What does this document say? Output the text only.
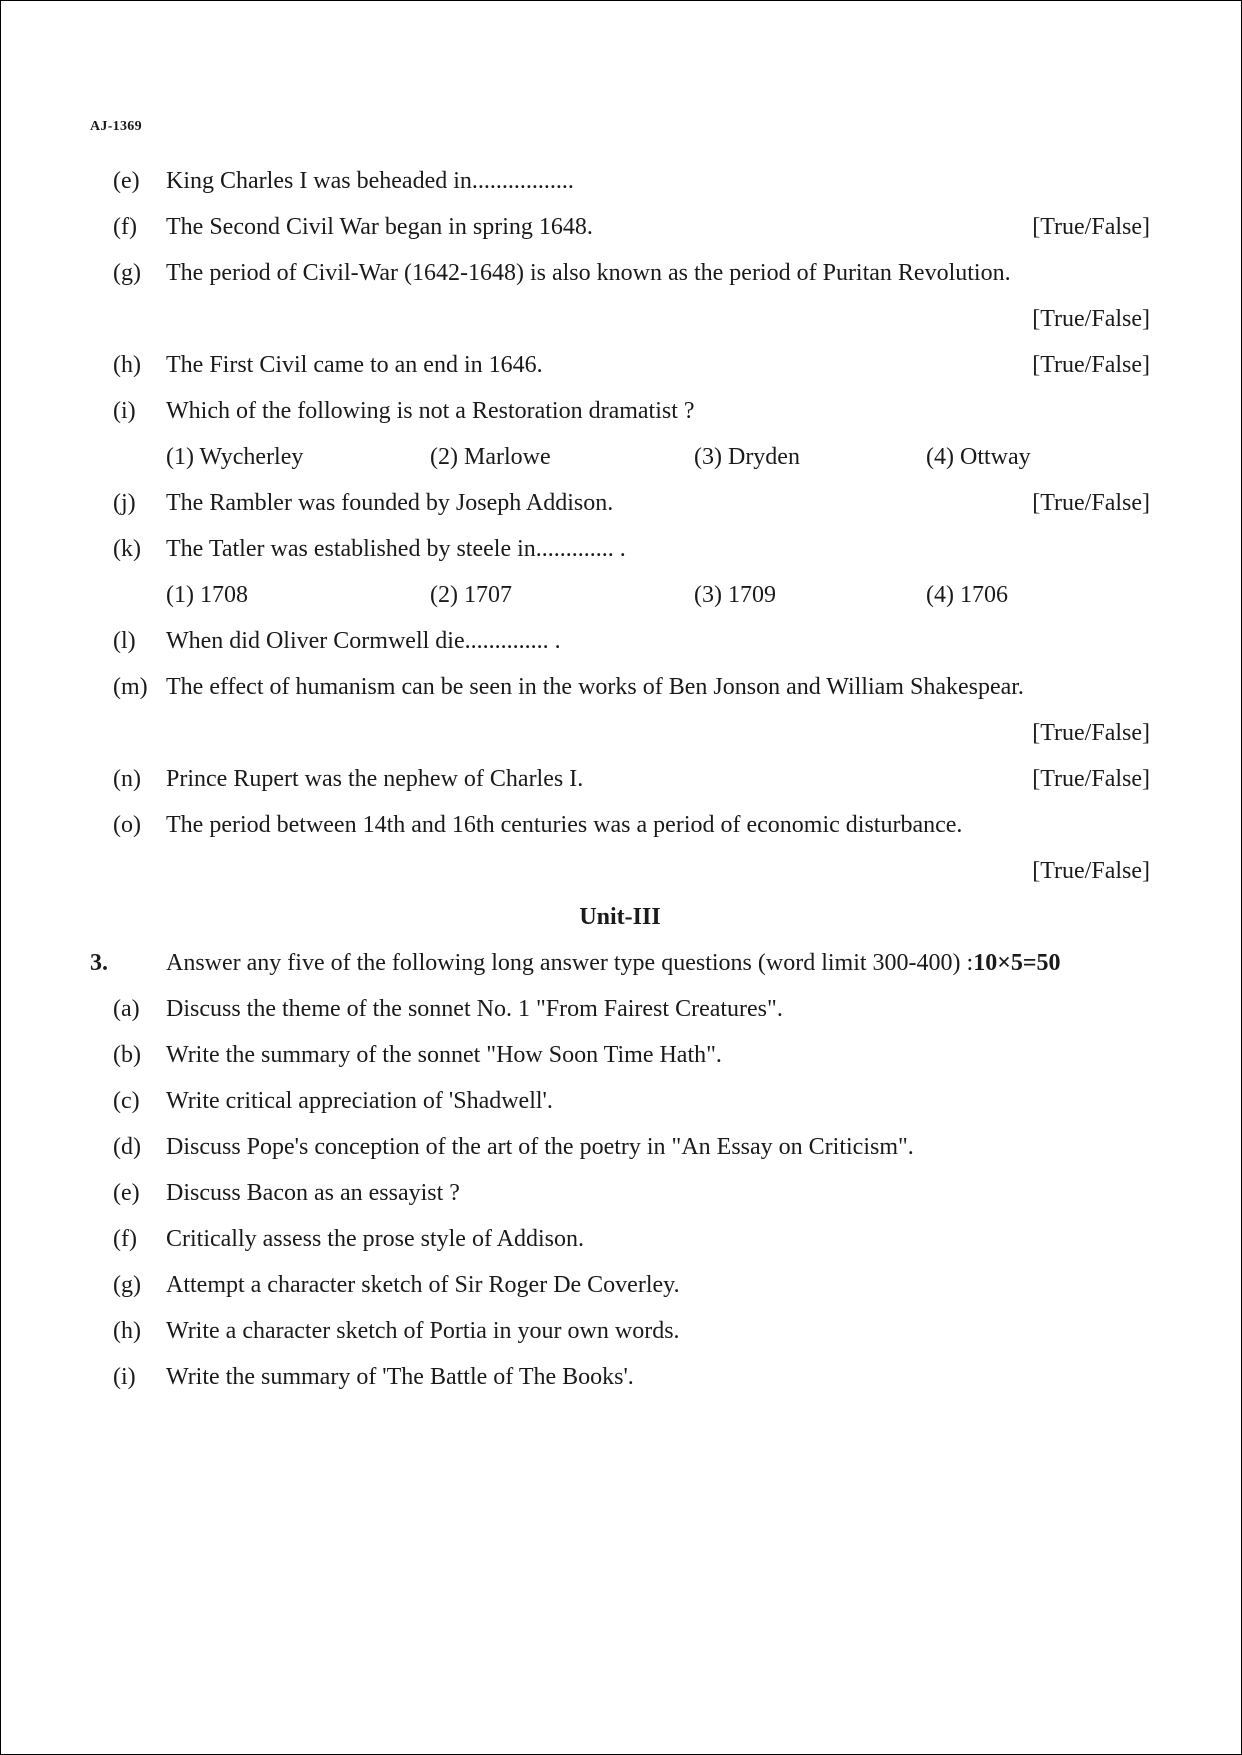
AJ-1369
(e) King Charles I was beheaded in.................
(f) The Second Civil War began in spring 1648.	[True/False]
(g) The period of Civil-War (1642-1648) is also known as the period of Puritan Revolution.
[True/False]
(h) The First Civil came to an end in 1646.	[True/False]
(i) Which of the following is not a Restoration dramatist ?
(1) Wycherley	(2) Marlowe	(3) Dryden	(4) Ottway
(j) The Rambler was founded by Joseph Addison.	[True/False]
(k) The Tatler was established by steele in............. .
(1) 1708	(2) 1707	(3) 1709	(4) 1706
(l) When did Oliver Cormwell die.............. .
(m) The effect of humanism can be seen in the works of Ben Jonson and William Shakespear.
[True/False]
(n) Prince Rupert was the nephew of Charles I.	[True/False]
(o) The period between 14th and 16th centuries was a period of economic disturbance.
[True/False]
Unit-III
3. Answer any five of the following long answer type questions (word limit 300-400) :10×5=50
(a) Discuss the theme of the sonnet No. 1 "From Fairest Creatures".
(b) Write the summary of the sonnet "How Soon Time Hath".
(c) Write critical appreciation of 'Shadwell'.
(d) Discuss Pope's conception of the art of the poetry in "An Essay on Criticism".
(e) Discuss Bacon as an essayist ?
(f) Critically assess the prose style of Addison.
(g) Attempt a character sketch of Sir Roger De Coverley.
(h) Write a character sketch of Portia in your own words.
(i) Write the summary of 'The Battle of The Books'.
